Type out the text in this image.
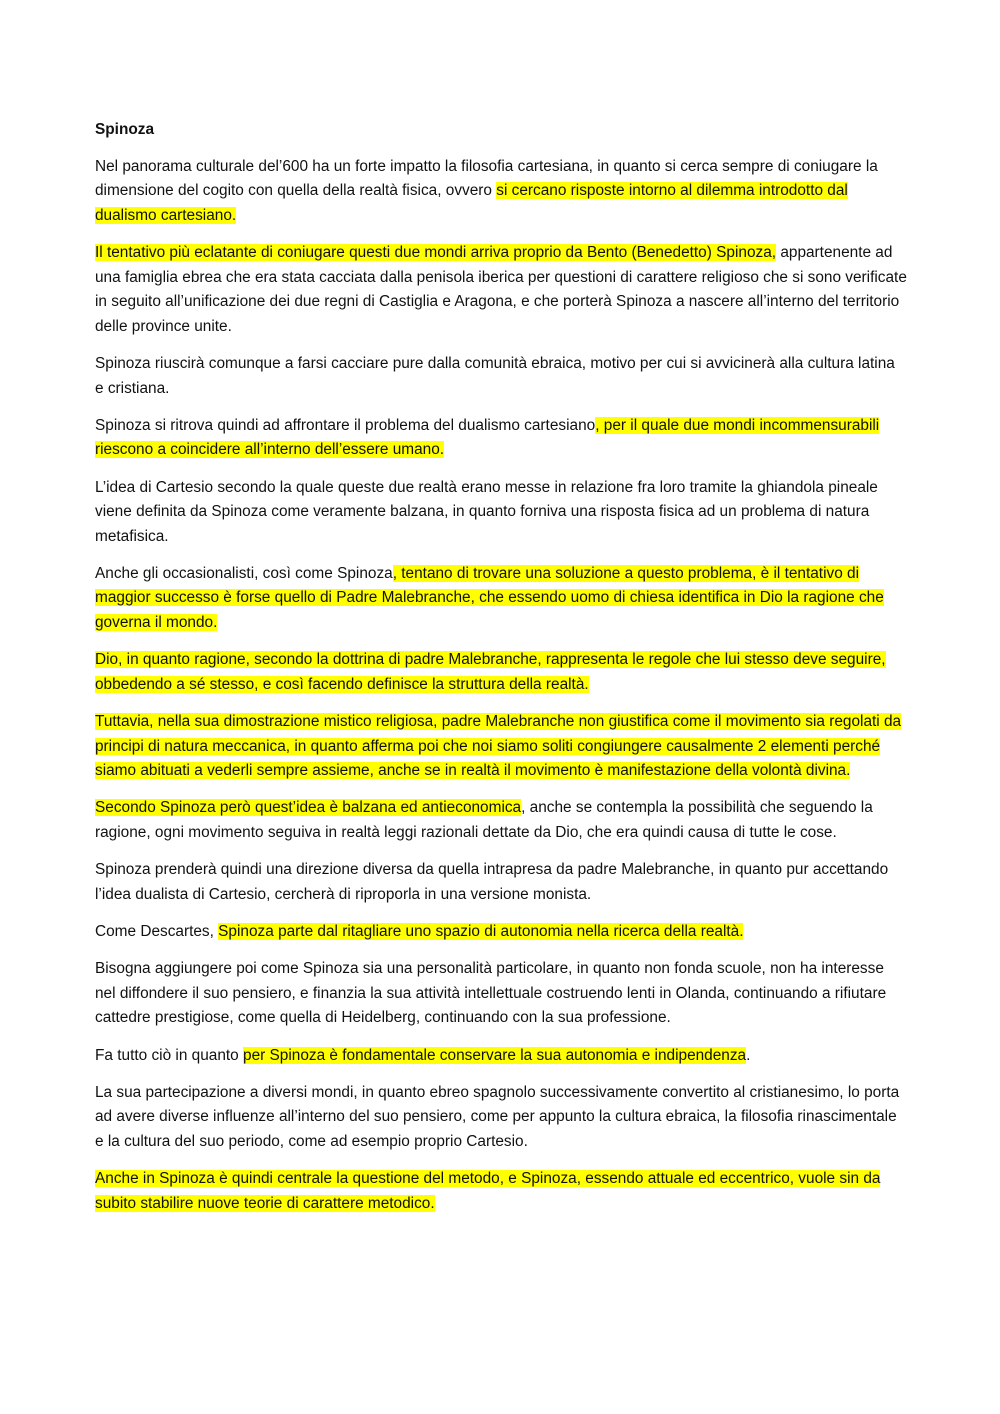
Spinoza

Nel panorama culturale del’600 ha un forte impatto la filosofia cartesiana, in quanto si cerca sempre di coniugare la dimensione del cogito con quella della realtà fisica, ovvero si cercano risposte intorno al dilemma introdotto dal dualismo cartesiano.

Il tentativo più eclatante di coniugare questi due mondi arriva proprio da Bento (Benedetto) Spinoza, appartenente ad una famiglia ebrea che era stata cacciata dalla penisola iberica per questioni di carattere religioso che si sono verificate in seguito all’unificazione dei due regni di Castiglia e Aragona, e che porterà Spinoza a nascere all’interno del territorio delle province unite.

Spinoza riuscirà comunque a farsi cacciare pure dalla comunità ebraica, motivo per cui si avvicinerà alla cultura latina e cristiana.

Spinoza si ritrova quindi ad affrontare il problema del dualismo cartesiano, per il quale due mondi incommensurabili riescono a coincidere all’interno dell’essere umano.

L’idea di Cartesio secondo la quale queste due realtà erano messe in relazione fra loro tramite la ghiandola pineale viene definita da Spinoza come veramente balzana, in quanto forniva una risposta fisica ad un problema di natura metafisica.

Anche gli occasionalisti, così come Spinoza, tentano di trovare una soluzione a questo problema, è il tentativo di maggior successo è forse quello di Padre Malebranche, che essendo uomo di chiesa identifica in Dio la ragione che governa il mondo.

Dio, in quanto ragione, secondo la dottrina di padre Malebranche, rappresenta le regole che lui stesso deve seguire, obbedendo a sé stesso, e così facendo definisce la struttura della realtà.

Tuttavia, nella sua dimostrazione mistico religiosa, padre Malebranche non giustifica come il movimento sia regolati da principi di natura meccanica, in quanto afferma poi che noi siamo soliti congiungere causalmente 2 elementi perché siamo abituati a vederli sempre assieme, anche se in realtà il movimento è manifestazione della volontà divina.

Secondo Spinoza però quest’idea è balzana ed antieconomica, anche se contempla la possibilità che seguendo la ragione, ogni movimento seguiva in realtà leggi razionali dettate da Dio, che era quindi causa di tutte le cose.

Spinoza prenderà quindi una direzione diversa da quella intrapresa da padre Malebranche, in quanto pur accettando l’idea dualista di Cartesio, cercherà di riproporla in una versione monista.

Come Descartes, Spinoza parte dal ritagliare uno spazio di autonomia nella ricerca della realtà.

Bisogna aggiungere poi come Spinoza sia una personalità particolare, in quanto non fonda scuole, non ha interesse nel diffondere il suo pensiero, e finanzia la sua attività intellettuale costruendo lenti in Olanda, continuando a rifiutare cattedre prestigiose, come quella di Heidelberg, continuando con la sua professione.

Fa tutto ciò in quanto per Spinoza è fondamentale conservare la sua autonomia e indipendenza.

La sua partecipazione a diversi mondi, in quanto ebreo spagnolo successivamente convertito al cristianesimo, lo porta ad avere diverse influenze all’interno del suo pensiero, come per appunto la cultura ebraica, la filosofia rinascimentale e la cultura del suo periodo, come ad esempio proprio Cartesio.

Anche in Spinoza è quindi centrale la questione del metodo, e Spinoza, essendo attuale ed eccentrico, vuole sin da subito stabilire nuove teorie di carattere metodico.
